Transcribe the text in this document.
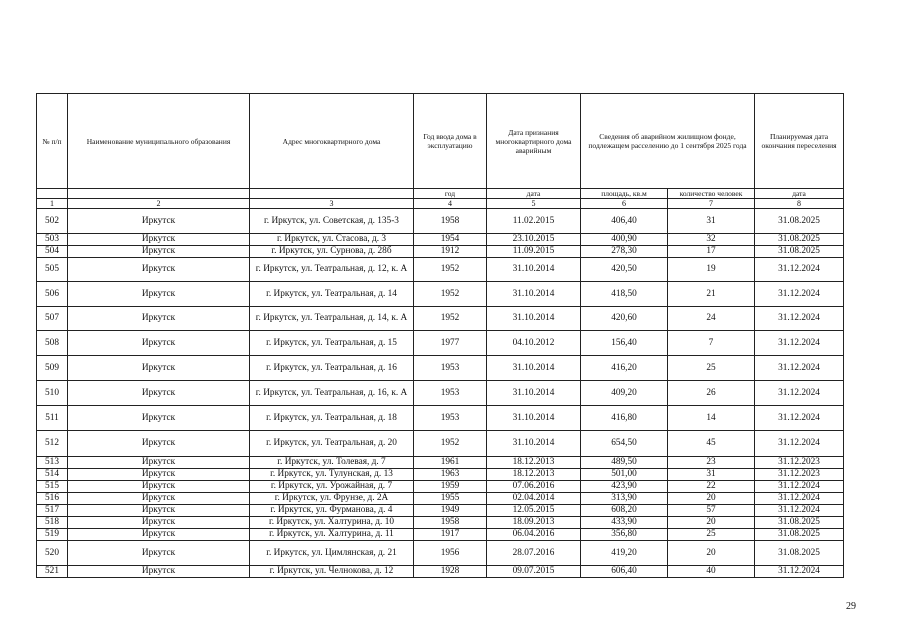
№ п/п	Наименование муниципального образования	Адрес многоквартирного дома	Год ввода дома в эксплуатацию	Дата признания многоквартирного дома аварийным	Сведения об аварийном жилищном фонде, подлежащем расселению до 1 сентября 2025 года		Планируемая дата окончания переселения
			год	дата	площадь, кв.м	количество человек	дата
1	2	3	4	5	6	7	8
502	Иркутск	г. Иркутск, ул. Советская, д. 135-3	1958	11.02.2015	406,40	31	31.08.2025
503	Иркутск	г. Иркутск, ул. Стасова, д. 3	1954	23.10.2015	400,90	32	31.08.2025
504	Иркутск	г. Иркутск, ул. Сурнова, д. 28б	1912	11.09.2015	278,30	17	31.08.2025
505	Иркутск	г. Иркутск, ул. Театральная, д. 12, к. А	1952	31.10.2014	420,50	19	31.12.2024
506	Иркутск	г. Иркутск, ул. Театральная, д. 14	1952	31.10.2014	418,50	21	31.12.2024
507	Иркутск	г. Иркутск, ул. Театральная, д. 14, к. А	1952	31.10.2014	420,60	24	31.12.2024
508	Иркутск	г. Иркутск, ул. Театральная, д. 15	1977	04.10.2012	156,40	7	31.12.2024
509	Иркутск	г. Иркутск, ул. Театральная, д. 16	1953	31.10.2014	416,20	25	31.12.2024
510	Иркутск	г. Иркутск, ул. Театральная, д. 16, к. А	1953	31.10.2014	409,20	26	31.12.2024
511	Иркутск	г. Иркутск, ул. Театральная, д. 18	1953	31.10.2014	416,80	14	31.12.2024
512	Иркутск	г. Иркутск, ул. Театральная, д. 20	1952	31.10.2014	654,50	45	31.12.2024
513	Иркутск	г. Иркутск, ул. Толевая, д. 7	1961	18.12.2013	489,50	23	31.12.2023
514	Иркутск	г. Иркутск, ул. Тулунская, д. 13	1963	18.12.2013	501,00	31	31.12.2023
515	Иркутск	г. Иркутск, ул. Урожайная, д. 7	1959	07.06.2016	423,90	22	31.12.2024
516	Иркутск	г. Иркутск, ул. Фрунзе, д. 2А	1955	02.04.2014	313,90	20	31.12.2024
517	Иркутск	г. Иркутск, ул. Фурманова, д. 4	1949	12.05.2015	608,20	57	31.12.2024
518	Иркутск	г. Иркутск, ул. Халтурина, д. 10	1958	18.09.2013	433,90	20	31.08.2025
519	Иркутск	г. Иркутск, ул. Халтурина, д. 11	1917	06.04.2016	356,80	25	31.08.2025
520	Иркутск	г. Иркутск, ул. Цимлянская, д. 21	1956	28.07.2016	419,20	20	31.08.2025
521	Иркутск	г. Иркутск, ул. Челнокова, д. 12	1928	09.07.2015	606,40	40	31.12.2024
29
